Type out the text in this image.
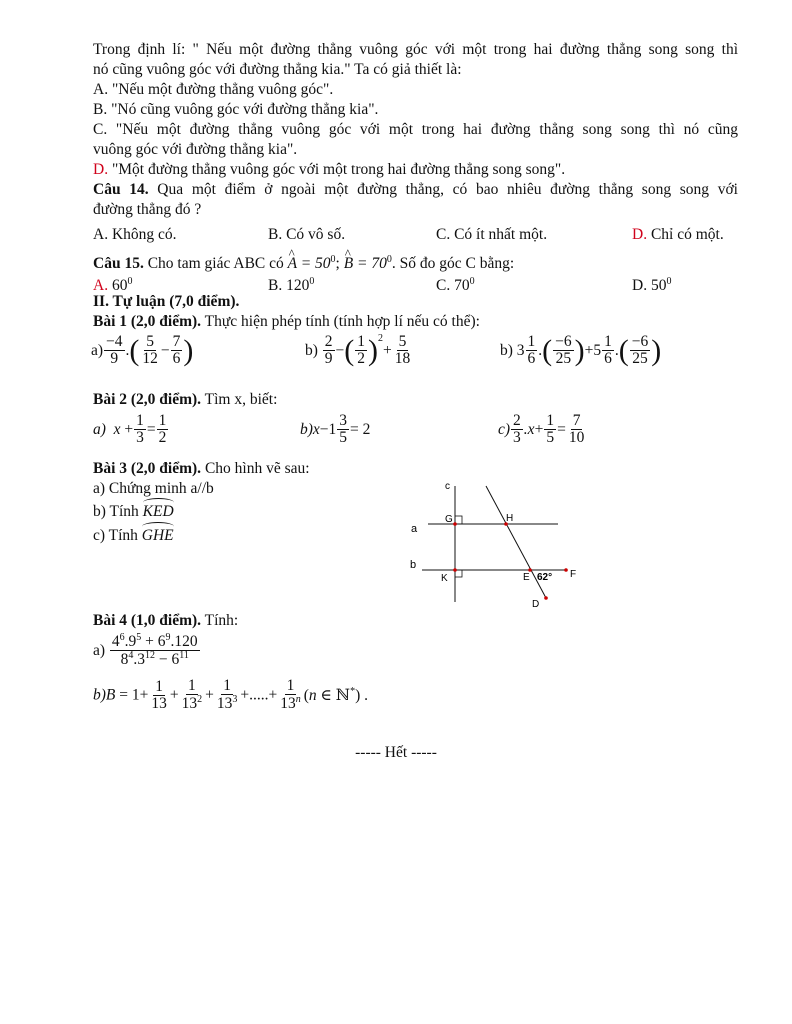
Trong định lí: " Nếu một đường thẳng vuông góc với một trong hai đường thẳng song song thì
nó cũng vuông góc với đường thẳng kia." Ta có giả thiết là:
A. "Nếu một đường thẳng vuông góc".
B. "Nó cũng vuông góc với đường thẳng kia".
C. "Nếu một đường thẳng vuông góc với một trong hai đường thẳng song song thì nó cũng
vuông góc với đường thẳng kia".
D. "Một đường thẳng vuông góc với một trong hai đường thẳng song song".
Câu 14. Qua một điểm ở ngoài một đường thẳng, có bao nhiêu đường thẳng song song với
đường thẳng đó ?
A. Không có.	B. Có vô số.	C. Có ít nhất một.	D. Chỉ có một.
Câu 15. Cho tam giác ABC có ^ $A = 50^0$; ^ $B = 70^0$. Số đo góc C bằng:
A. $60^0$	B. $120^0$	C. $70^0$	D. $50^0$
II. Tự luận (7,0 điểm).
Bài 1 (2,0 điểm). Thực hiện phép tính (tính hợp lí nếu có thể):
$a) \frac{-4}{9}$ .( $\frac{5}{12} - \frac{7}{6}$ )	$b) \frac{2}{9}$ −( $\frac{1}{2} )^2+ \frac{5}{18}$	b) $3 \frac{1}{6}$ .( $\frac{-6}{25} )+5 \frac{1}{6}$ .( $\frac{-6}{25}$ )
Bài 2 (2,0 điểm). Tìm x, biết:
a)  $x + \frac{1}{3} = \frac{1}{2}$	$b)x-1 \frac{3}{5} = 2$	$c) \frac{2}{3} .x+ \frac{1}{5} = \frac{7}{10}$
Bài 3 (2,0 điểm). Cho hình vẽ sau:
a) Chứng minh a//b
b) Tính KED
c) Tính GHE
c
a
b
G	H
K	E 62° F
D
Bài 4 (1,0 điểm). Tính:
$a) \frac{4^6.9^5 + 6^9.120}{8^4.3^{12} - 6^{11}}$
$b)B = 1+ \frac{1}{13} + \frac{1}{13^2} + \frac{1}{13^3}$ +.....+ $\frac{1}{13^n} (n$ ∈ ℕ*) .
----- Hết -----
